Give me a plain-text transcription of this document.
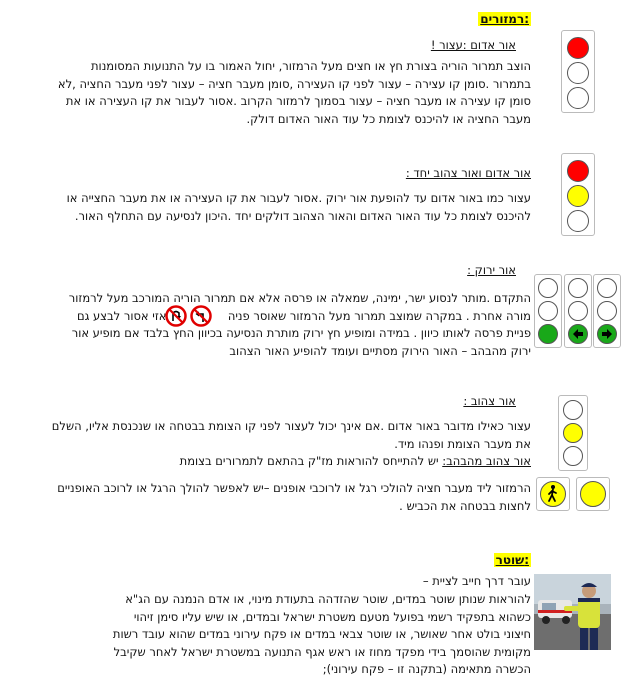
רמזורים:
אור אדום :עצור !
הוצב תמרור הוריה בצורת חץ או חצים מעל הרמזור, יחול האמור בו על התנועות המסומנות
בתמרור .סומן קו עצירה – עצור לפני קו העצירה ,סומן מעבר חציה – עצור לפני מעבר החציה ,לא
סומן קו עצירה או מעבר חציה – עצור בסמוך לרמזור הקרוב .אסור לעבור את קו העצירה או את
מעבר החציה או להיכנס לצומת כל עוד האור האדום דולק.
אור אדום ואור צהוב יחד :
עצור כמו באור אדום עד להופעת אור ירוק .אסור לעבור את קו העצירה או את מעבר החצייה או
להיכנס לצומת כל עוד האור האדום והאור הצהוב דולקים יחד .היכון לנסיעה עם התחלף האור.
אור ירוק :
התקדם .מותר לנסוע ישר, ימינה, שמאלה או פרסה אלא אם תמרור הוריה המורכב מעל לרמזור
מורה אחרת . במקרה שמוצב תמרור מעל הרמזור שאוסר פניה  אזי אסור לבצע גם
פניית פרסה לאותו כיוון . במידה ומופיע חץ ירוק מותרת הנסיעה בכיוון החץ בלבד אם מופיע אור
ירוק מהבהב – האור הירוק מסתיים ועומד להופיע האור הצהוב
אור צהוב :
עצור כאילו מדובר באור אדום .אם אינך יכול לעצור לפני קו הצומת בבטחה או שנכנסת אליו, השלם
את מעבר הצומת ופנהו מיד.
אור צהוב מהבהב: יש להתייחס להוראות מז"ק בהתאם לתמרורים בצומת
הרמזור ליד מעבר חציה להולכי רגל או לרוכבי אופנים –יש לאפשר להולך הרגל או לרוכב האופניים
לחצות בבטחה את הכביש .
שוטר:
עובר דרך חייב לציית –
להוראות שנותן שוטר במדים, שוטר שהזדהה בתעודת מינוי, או אדם הנמנה עם הג"א
כשהוא בתפקיד רשמי בפועל מטעם משטרת ישראל ובמדים, או שיש עליו סימן זיהוי
חיצוני בולט אחר שאושר, או שוטר צבאי במדים או פקח עירוני במדים שהוא עובד רשות
מקומית שהוסמך בידי מפקד מחוז או ראש אגף התנועה במשטרת ישראל לאחר שקיבל
הכשרה מתאימה (בתקנה זו – פקח עירוני);
